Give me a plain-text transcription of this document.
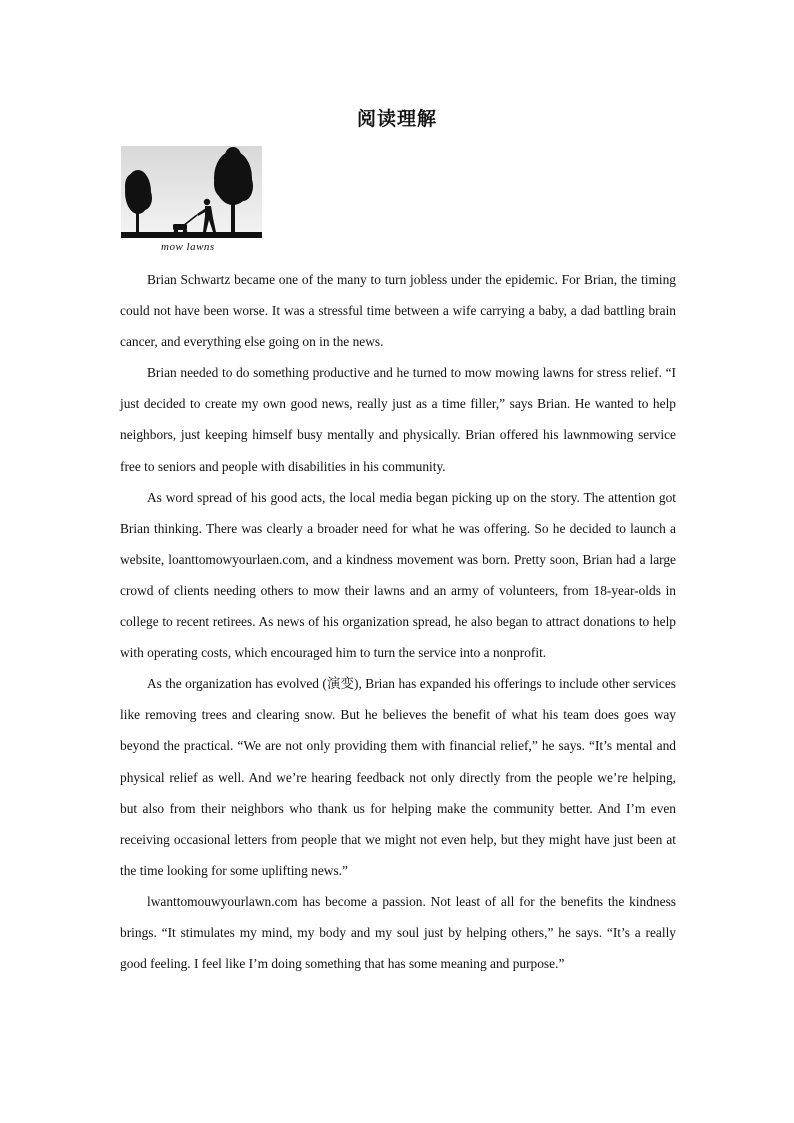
阅读理解
mow lawns

Brian Schwartz became one of the many to turn jobless under the epidemic. For Brian, the timing could not have been worse. It was a stressful time between a wife carrying a baby, a dad battling brain cancer, and everything else going on in the news.

Brian needed to do something productive and he turned to mow mowing lawns for stress relief. “I just decided to create my own good news, really just as a time filler,” says Brian. He wanted to help neighbors, just keeping himself busy mentally and physically. Brian offered his lawnmowing service free to seniors and people with disabilities in his community.

As word spread of his good acts, the local media began picking up on the story. The attention got Brian thinking. There was clearly a broader need for what he was offering. So he decided to launch a website, loanttomowyourlaen.com, and a kindness movement was born. Pretty soon, Brian had a large crowd of clients needing others to mow their lawns and an army of volunteers, from 18-year-olds in college to recent retirees. As news of his organization spread, he also began to attract donations to help with operating costs, which encouraged him to turn the service into a nonprofit.

As the organization has evolved (演变), Brian has expanded his offerings to include other services like removing trees and clearing snow. But he believes the benefit of what his team does goes way beyond the practical. “We are not only providing them with financial relief,” he says. “It’s mental and physical relief as well. And we’re hearing feedback not only directly from the people we’re helping, but also from their neighbors who thank us for helping make the community better. And I’m even receiving occasional letters from people that we might not even help, but they might have just been at the time looking for some uplifting news.”

lwanttomouwyourlawn.com has become a passion. Not least of all for the benefits the kindness brings. “It stimulates my mind, my body and my soul just by helping others,” he says. “It’s a really good feeling. I feel like I’m doing something that has some meaning and purpose.”
